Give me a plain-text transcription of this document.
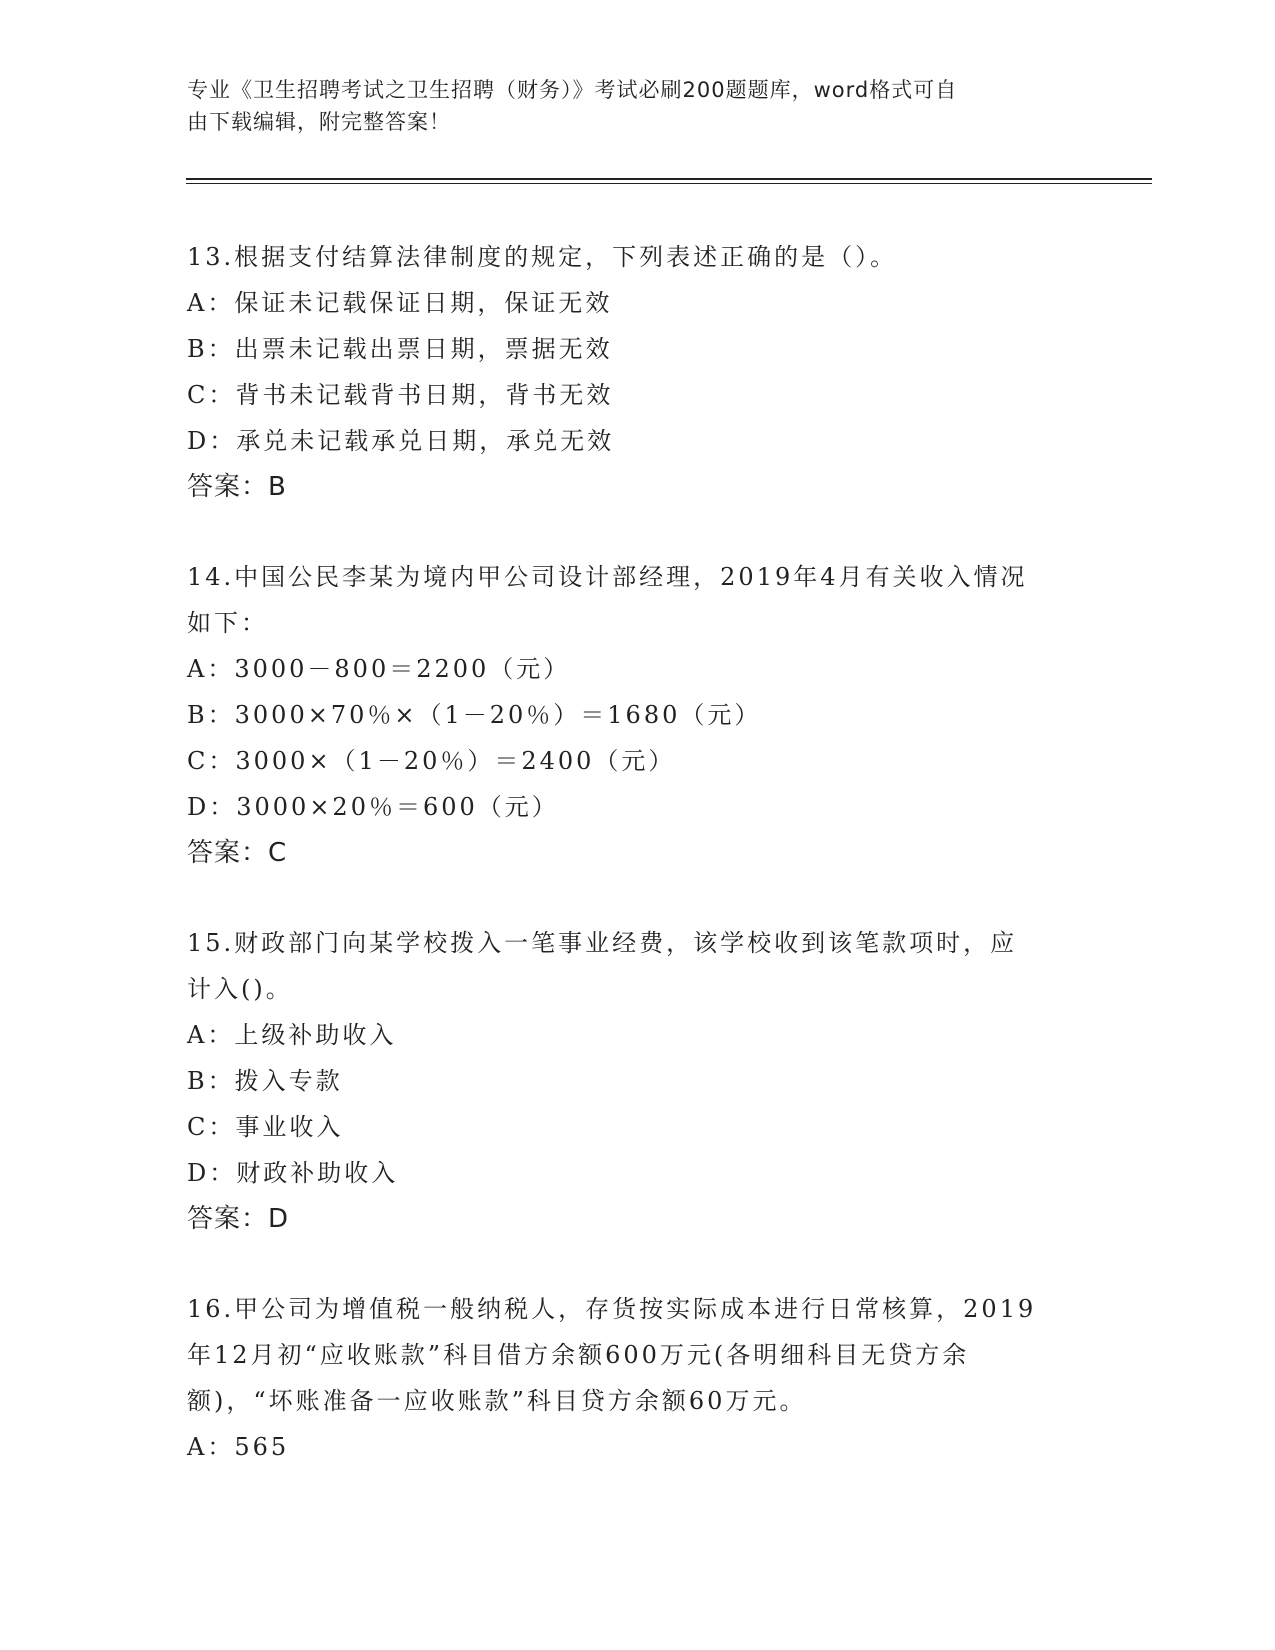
专业《卫生招聘考试之卫生招聘（财务）》考试必刷200题题库，word格式可自
由下载编辑，附完整答案！

13.根据支付结算法律制度的规定，下列表述正确的是（）。

A：保证未记载保证日期，保证无效

B：出票未记载出票日期，票据无效

C：背书未记载背书日期，背书无效

D：承兑未记载承兑日期，承兑无效

答案：B

14.中国公民李某为境内甲公司设计部经理，2019年4月有关收入情况

如下：

A：3000－800＝2200（元）

B：3000×70％×（1－20％）＝1680（元）

C：3000×（1－20％）＝2400（元）

D：3000×20％＝600（元）

答案：C

15.财政部门向某学校拨入一笔事业经费，该学校收到该笔款项时，应

计入()。

A：上级补助收入

B：拨入专款

C：事业收入

D：财政补助收入

答案：D

16.甲公司为增值税一般纳税人，存货按实际成本进行日常核算，2019

年12月初“应收账款”科目借方余额600万元(各明细科目无贷方余

额)，“坏账准备一应收账款”科目贷方余额60万元。

A：565
